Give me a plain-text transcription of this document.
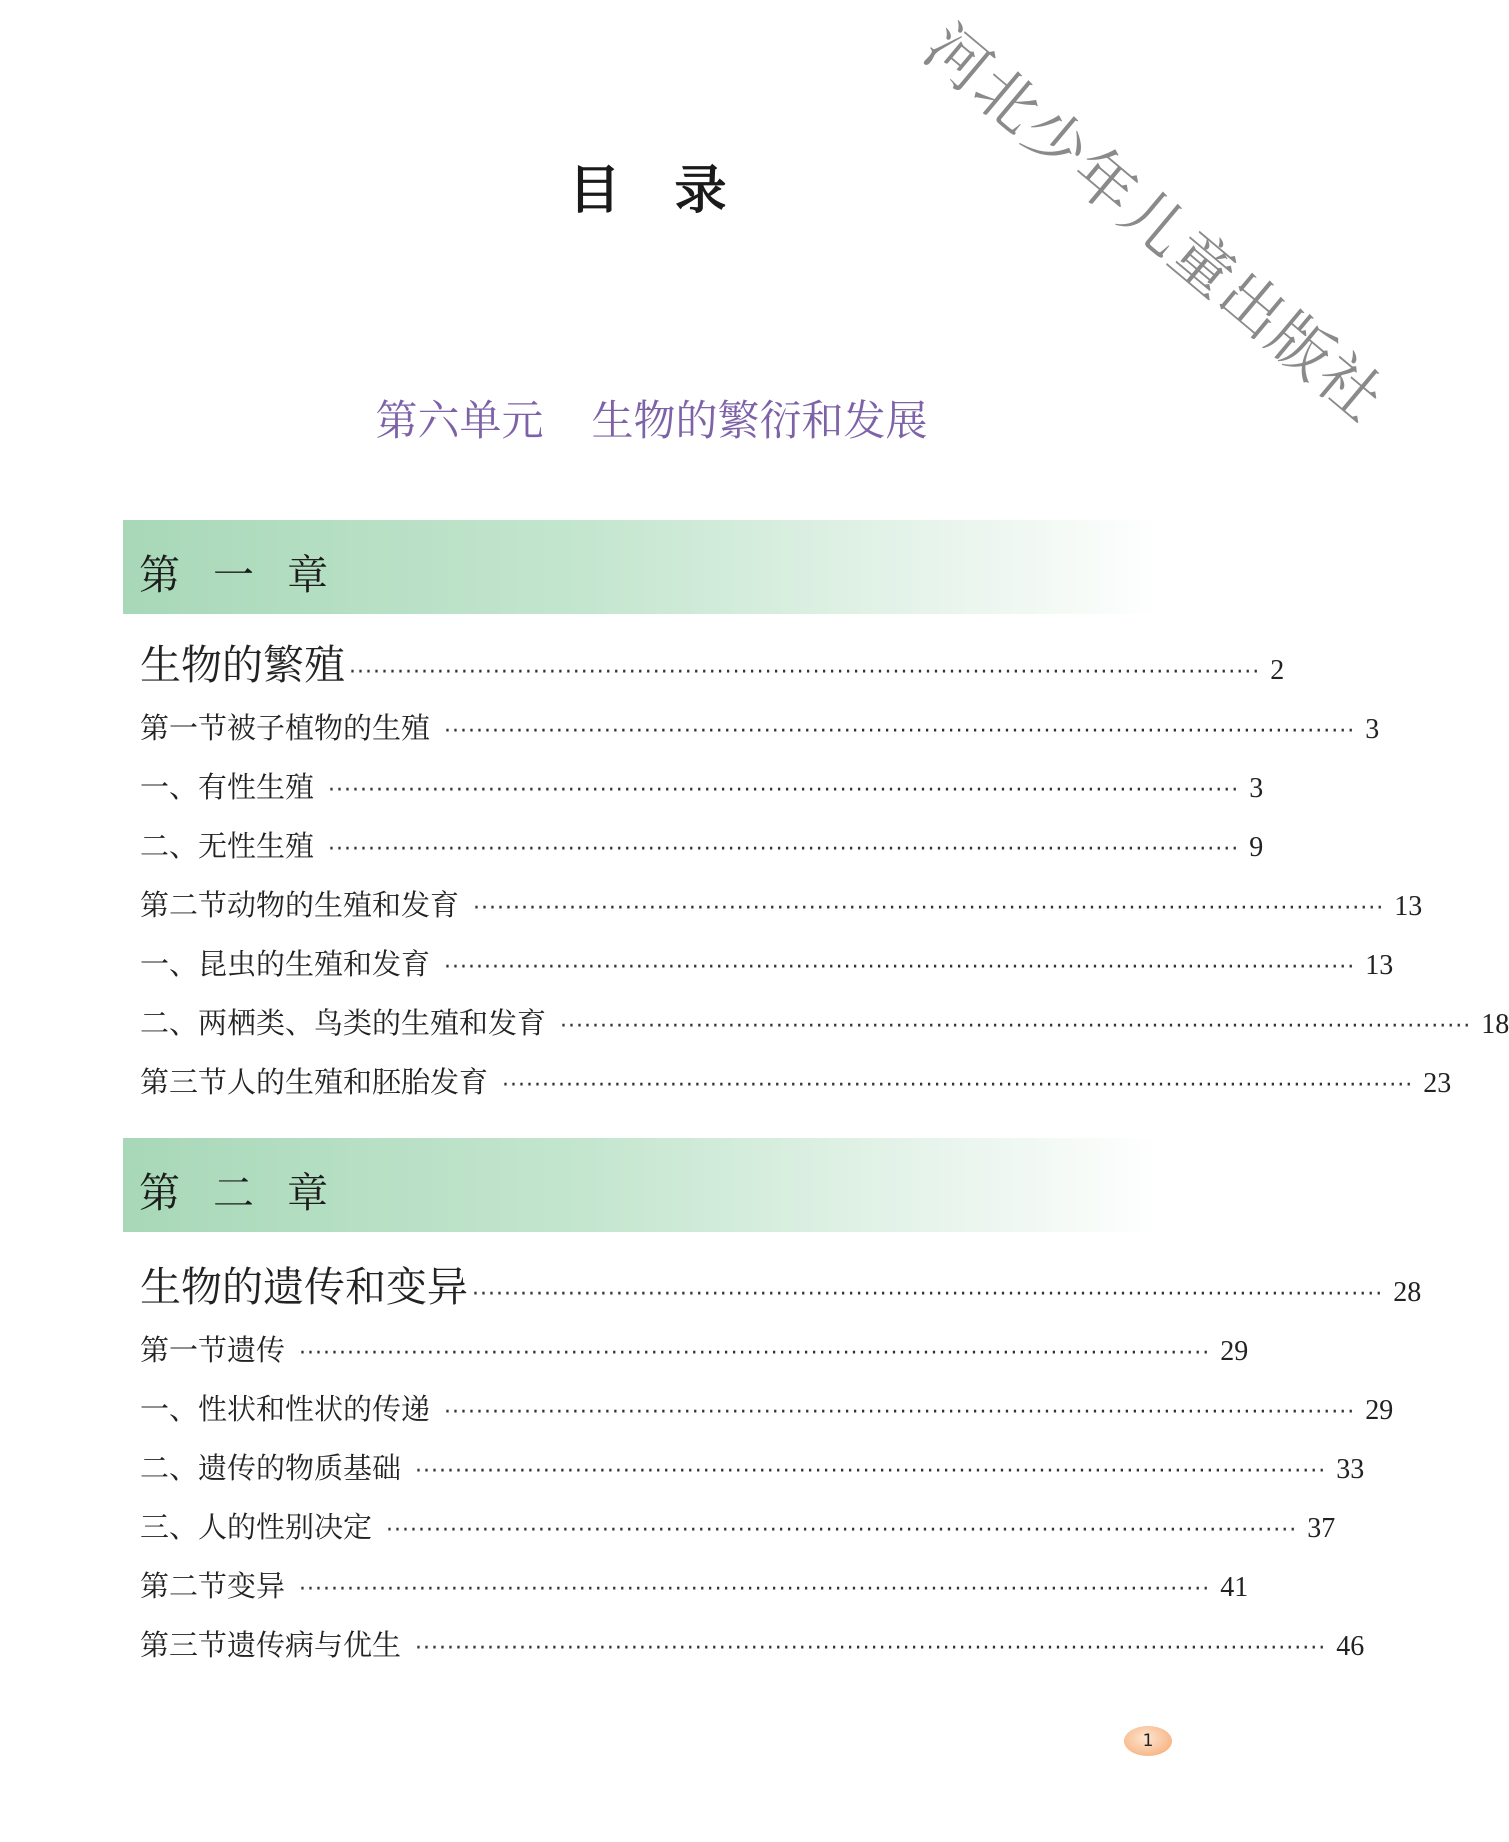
河北少年儿童出版社
目 录
第六单元 生物的繁衍和发展
第 一 章
生物的繁殖 ·················································································································· 2
第一节 被子植物的生殖 ·················································································································· 3
一、有性生殖 ·················································································································· 3
二、无性生殖 ·················································································································· 9
第二节 动物的生殖和发育 ·················································································································· 13
一、昆虫的生殖和发育 ·················································································································· 13
二、两栖类、鸟类的生殖和发育 ·················································································································· 18
第三节 人的生殖和胚胎发育 ·················································································································· 23
第 二 章
生物的遗传和变异 ·················································································································· 28
第一节 遗传 ·················································································································· 29
一、性状和性状的传递 ·················································································································· 29
二、遗传的物质基础 ·················································································································· 33
三、人的性别决定 ·················································································································· 37
第二节 变异 ·················································································································· 41
第三节 遗传病与优生 ·················································································································· 46
1
